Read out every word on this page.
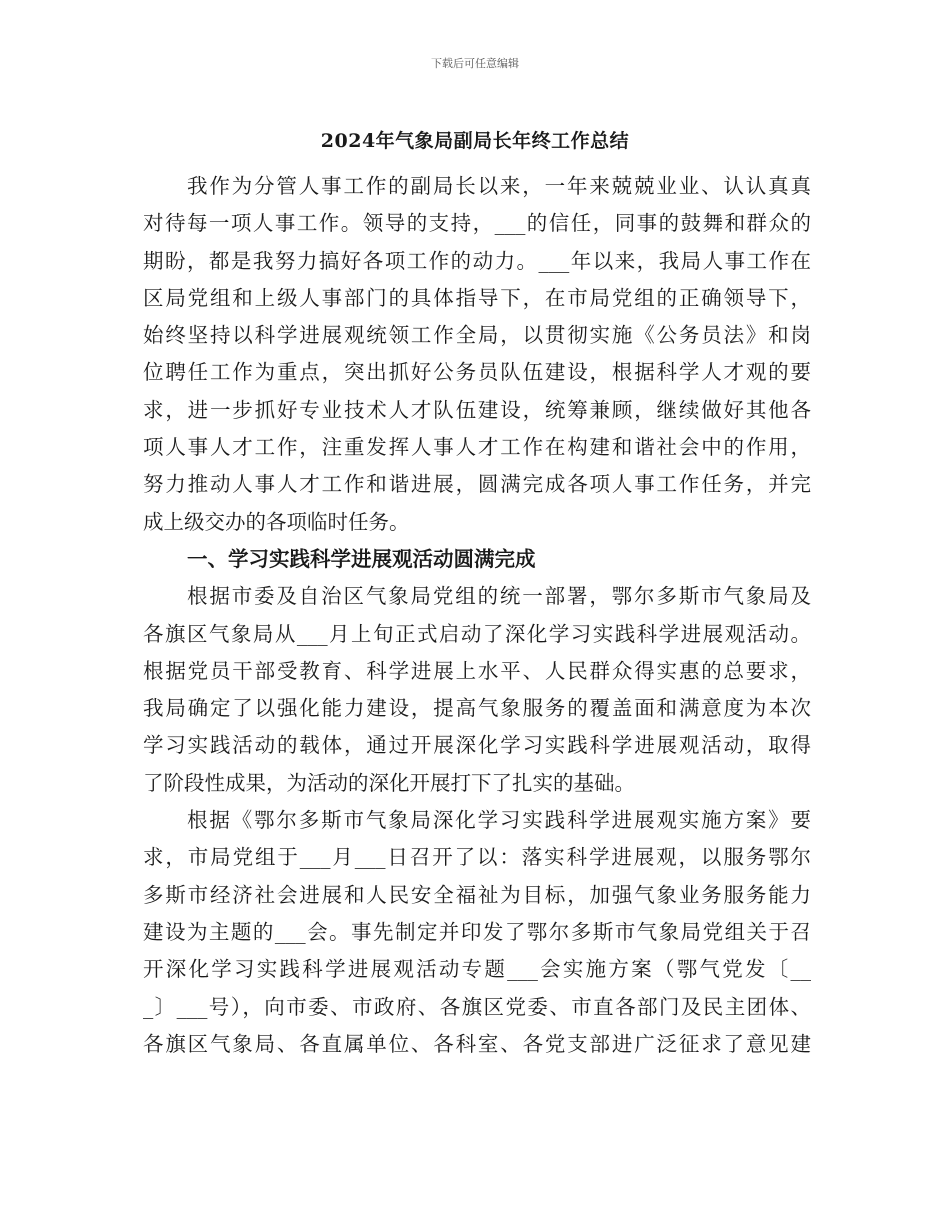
下载后可任意编辑
2024年气象局副局长年终工作总结
我作为分管人事工作的副局长以来，一年来兢兢业业、认认真真
对待每一项人事工作。领导的支持，___的信任，同事的鼓舞和群众的
期盼，都是我努力搞好各项工作的动力。___年以来，我局人事工作在
区局党组和上级人事部门的具体指导下，在市局党组的正确领导下，
始终坚持以科学进展观统领工作全局，以贯彻实施《公务员法》和岗
位聘任工作为重点，突出抓好公务员队伍建设，根据科学人才观的要
求，进一步抓好专业技术人才队伍建设，统筹兼顾，继续做好其他各
项人事人才工作，注重发挥人事人才工作在构建和谐社会中的作用，
努力推动人事人才工作和谐进展，圆满完成各项人事工作任务，并完
成上级交办的各项临时任务。
一、学习实践科学进展观活动圆满完成
根据市委及自治区气象局党组的统一部署，鄂尔多斯市气象局及
各旗区气象局从___月上旬正式启动了深化学习实践科学进展观活动。
根据党员干部受教育、科学进展上水平、人民群众得实惠的总要求，
我局确定了以强化能力建设，提高气象服务的覆盖面和满意度为本次
学习实践活动的载体，通过开展深化学习实践科学进展观活动，取得
了阶段性成果，为活动的深化开展打下了扎实的基础。
根据《鄂尔多斯市气象局深化学习实践科学进展观实施方案》要
求，市局党组于___月___日召开了以：落实科学进展观，以服务鄂尔
多斯市经济社会进展和人民安全福祉为目标，加强气象业务服务能力
建设为主题的___会。事先制定并印发了鄂尔多斯市气象局党组关于召
开深化学习实践科学进展观活动专题___会实施方案（鄂气党发〔__
_〕___号），向市委、市政府、各旗区党委、市直各部门及民主团体、
各旗区气象局、各直属单位、各科室、各党支部进广泛征求了意见建
